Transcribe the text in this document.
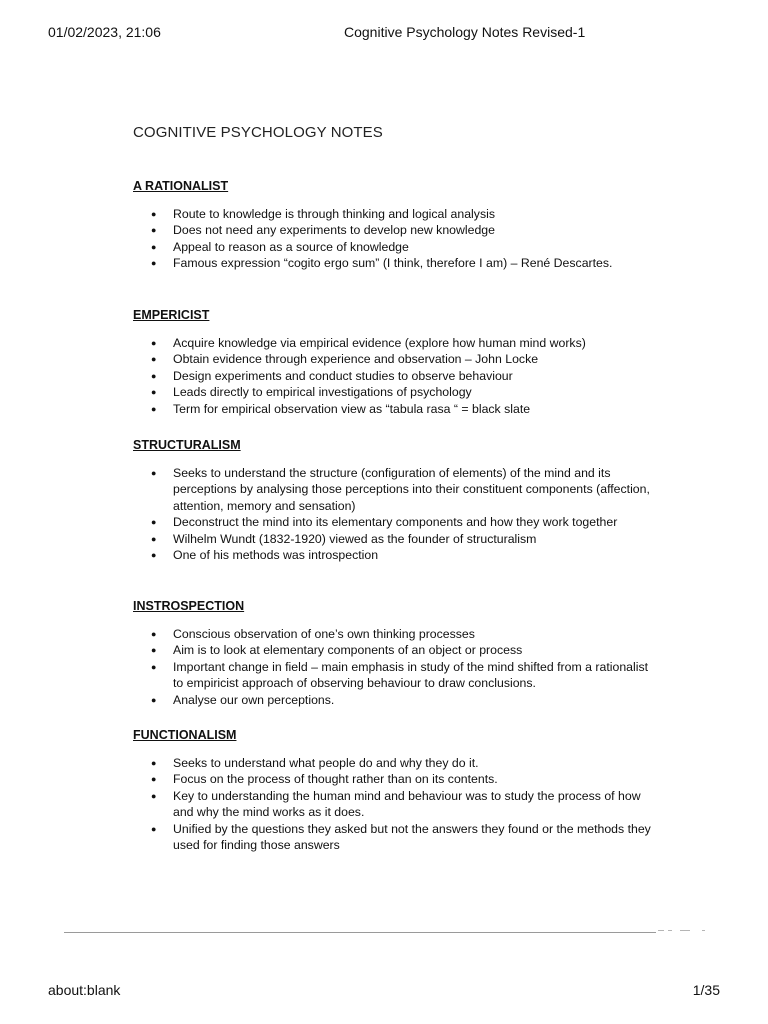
01/02/2023, 21:06	Cognitive Psychology Notes Revised-1
COGNITIVE PSYCHOLOGY NOTES
A RATIONALIST
● Route to knowledge is through thinking and logical analysis
● Does not need any experiments to develop new knowledge
● Appeal to reason as a source of knowledge
● Famous expression “cogito ergo sum” (I think, therefore I am) – René Descartes.
EMPERICIST
● Acquire knowledge via empirical evidence (explore how human mind works)
● Obtain evidence through experience and observation – John Locke
● Design experiments and conduct studies to observe behaviour
● Leads directly to empirical investigations of psychology
● Term for empirical observation view as “tabula rasa “ = black slate
STRUCTURALISM
● Seeks to understand the structure (configuration of elements) of the mind and its perceptions by analysing those perceptions into their constituent components (affection, attention, memory and sensation)
● Deconstruct the mind into its elementary components and how they work together
● Wilhelm Wundt (1832-1920) viewed as the founder of structuralism
● One of his methods was introspection
INSTROSPECTION
● Conscious observation of one’s own thinking processes
● Aim is to look at elementary components of an object or process
● Important change in field – main emphasis in study of the mind shifted from a rationalist to empiricist approach of observing behaviour to draw conclusions.
● Analyse our own perceptions.
FUNCTIONALISM
● Seeks to understand what people do and why they do it.
● Focus on the process of thought rather than on its contents.
● Key to understanding the human mind and behaviour was to study the process of how and why the mind works as it does.
● Unified by the questions they asked but not the answers they found or the methods they used for finding those answers
about:blank	1/35
